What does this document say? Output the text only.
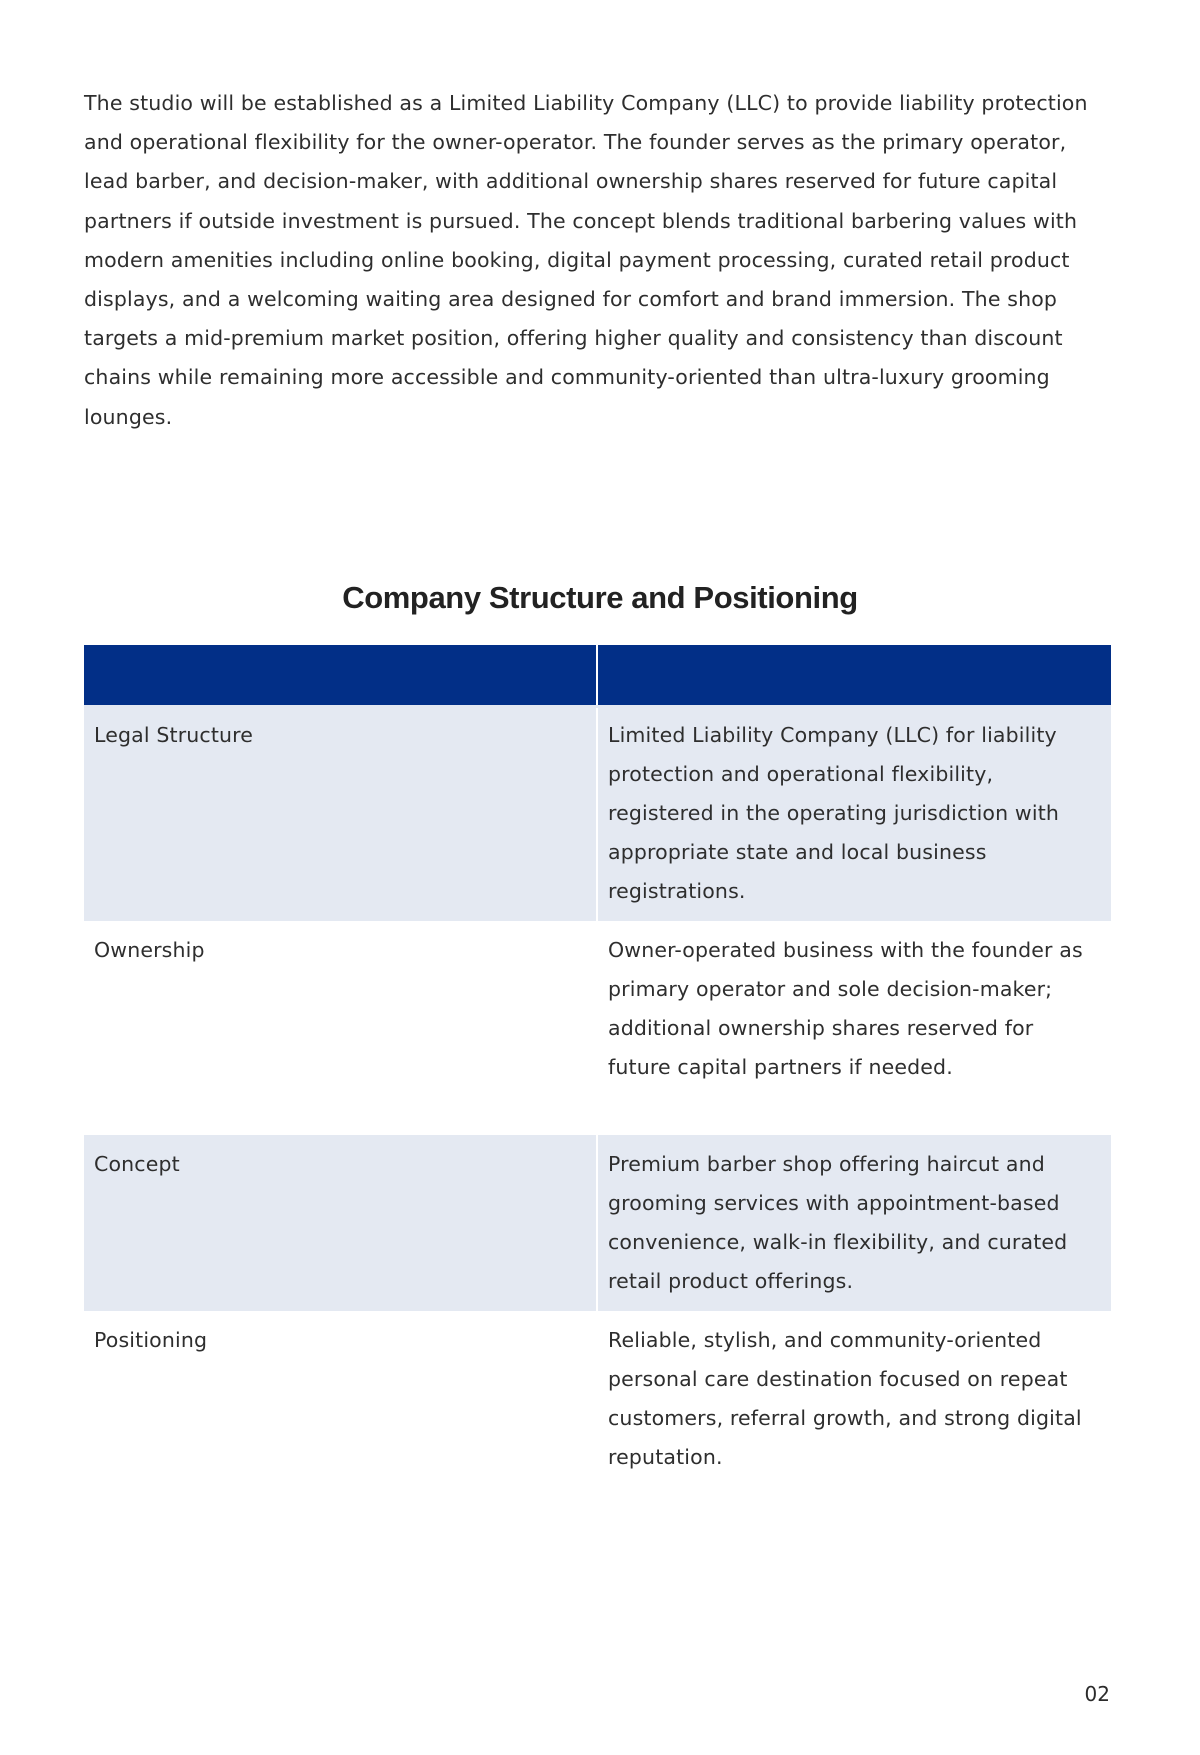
The studio will be established as a Limited Liability Company (LLC) to provide liability protection and operational flexibility for the owner-operator. The founder serves as the primary operator, lead barber, and decision-maker, with additional ownership shares reserved for future capital partners if outside investment is pursued. The concept blends traditional barbering values with modern amenities including online booking, digital payment processing, curated retail product displays, and a welcoming waiting area designed for comfort and brand immersion. The shop targets a mid-premium market position, offering higher quality and consistency than discount chains while remaining more accessible and community-oriented than ultra-luxury grooming lounges.

Company Structure and Positioning

Legal Structure	Limited Liability Company (LLC) for liability protection and operational flexibility, registered in the operating jurisdiction with appropriate state and local business registrations.
Ownership	Owner-operated business with the founder as primary operator and sole decision-maker; additional ownership shares reserved for future capital partners if needed.
Concept	Premium barber shop offering haircut and grooming services with appointment-based convenience, walk-in flexibility, and curated retail product offerings.
Positioning	Reliable, stylish, and community-oriented personal care destination focused on repeat customers, referral growth, and strong digital reputation.
02
